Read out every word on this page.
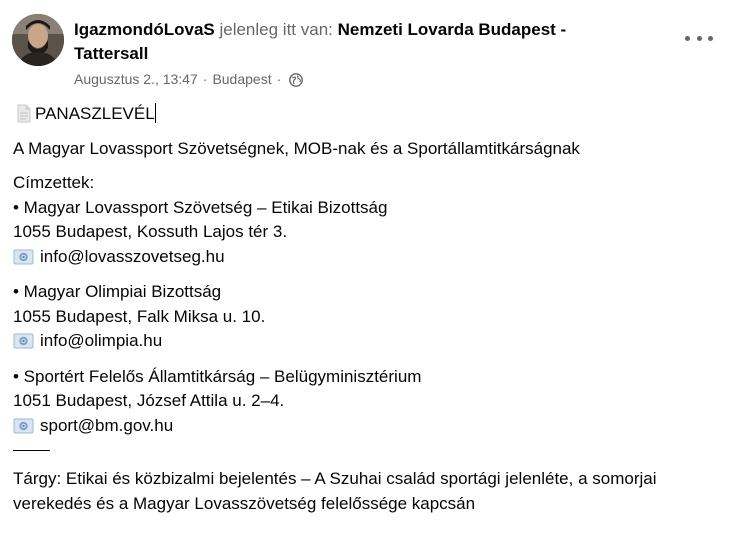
IgazmondóLovaS jelenleg itt van: Nemzeti Lovarda Budapest - Tattersall
Augusztus 2., 13:47 · Budapest ·
PANASZLEVÉL
A Magyar Lovassport Szövetségnek, MOB-nak és a Sportállamtitkárságnak
Címzettek:
• Magyar Lovassport Szövetség – Etikai Bizottság
1055 Budapest, Kossuth Lajos tér 3.
info@lovasszovetseg.hu
• Magyar Olimpiai Bizottság
1055 Budapest, Falk Miksa u. 10.
info@olimpia.hu
• Sportért Felelős Államtitkárság – Belügyminisztérium
1051 Budapest, József Attila u. 2–4.
sport@bm.gov.hu
Tárgy: Etikai és közbizalmi bejelentés – A Szuhai család sportági jelenléte, a somorjai verekedés és a Magyar Lovasszövetség felelőssége kapcsán
